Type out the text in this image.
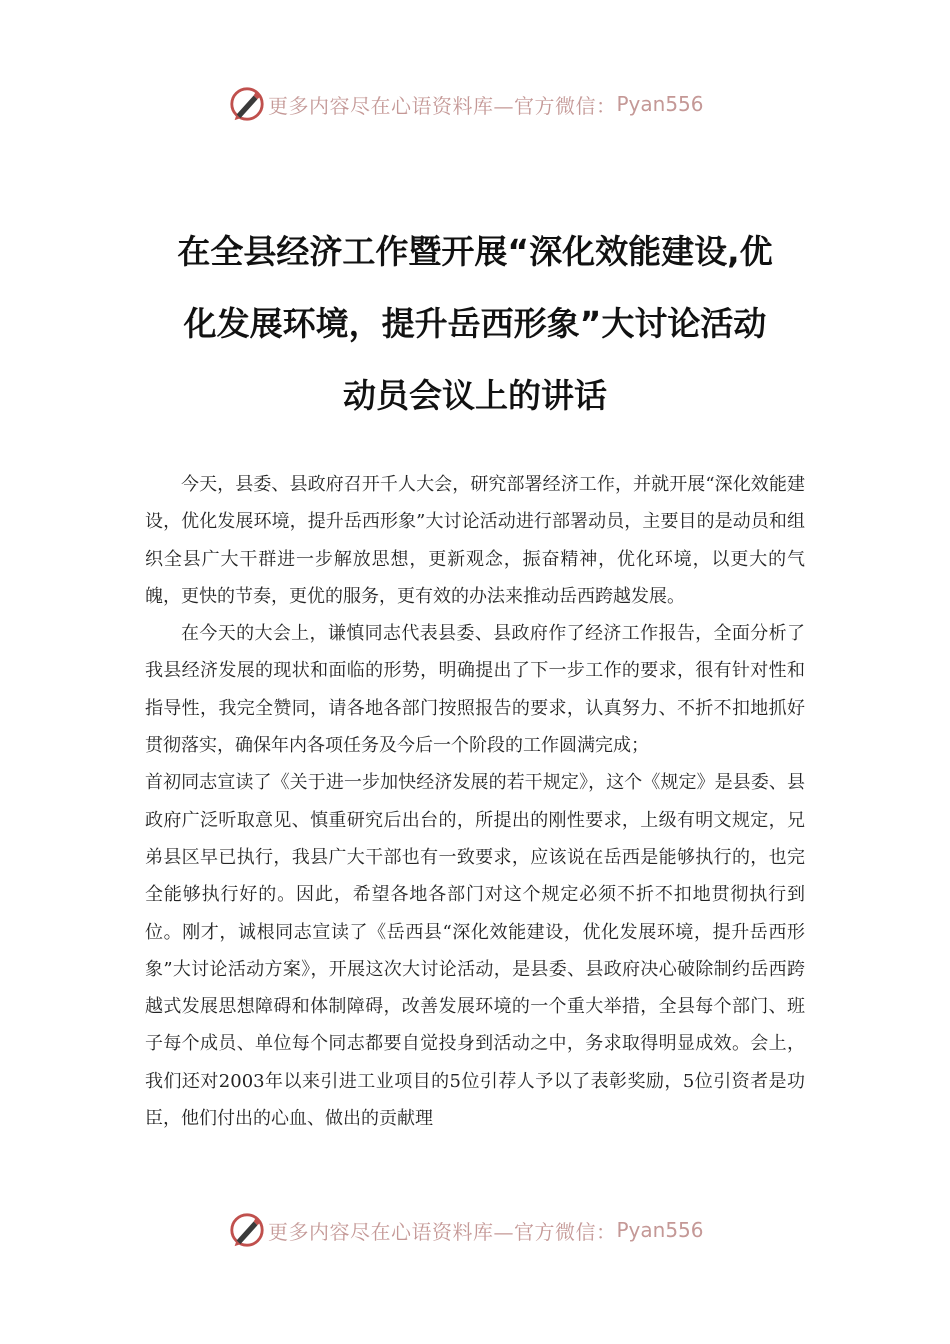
更多内容尽在心语资料库—官方微信： Pyan556
在全县经济工作暨开展“深化效能建设,优
化发展环境，提升岳西形象”大讨论活动
动员会议上的讲话

今天，县委、县政府召开千人大会，研究部署经济工作，并就开展“深化效能建设，优化发展环境，提升岳西形象”大讨论活动进行部署动员，主要目的是动员和组织全县广大干群进一步解放思想，更新观念，振奋精神，优化环境，以更大的气魄，更快的节奏，更优的服务，更有效的办法来推动岳西跨越发展。

在今天的大会上，谦慎同志代表县委、县政府作了经济工作报告，全面分析了我县经济发展的现状和面临的形势，明确提出了下一步工作的要求，很有针对性和指导性，我完全赞同，请各地各部门按照报告的要求，认真努力、不折不扣地抓好贯彻落实，确保年内各项任务及今后一个阶段的工作圆满完成；

首初同志宣读了《关于进一步加快经济发展的若干规定》，这个《规定》是县委、县政府广泛听取意见、慎重研究后出台的，所提出的刚性要求，上级有明文规定，兄弟县区早已执行，我县广大干部也有一致要求，应该说在岳西是能够执行的，也完全能够执行好的。因此，希望各地各部门对这个规定必须不折不扣地贯彻执行到位。刚才，诚根同志宣读了《岳西县“深化效能建设，优化发展环境，提升岳西形象”大讨论活动方案》，开展这次大讨论活动，是县委、县政府决心破除制约岳西跨越式发展思想障碍和体制障碍，改善发展环境的一个重大举措，全县每个部门、班子每个成员、单位每个同志都要自觉投身到活动之中，务求取得明显成效。会上，我们还对2003年以来引进工业项目的5位引荐人予以了表彰奖励，5位引资者是功臣，他们付出的心血、做出的贡献理

更多内容尽在心语资料库—官方微信： Pyan556
